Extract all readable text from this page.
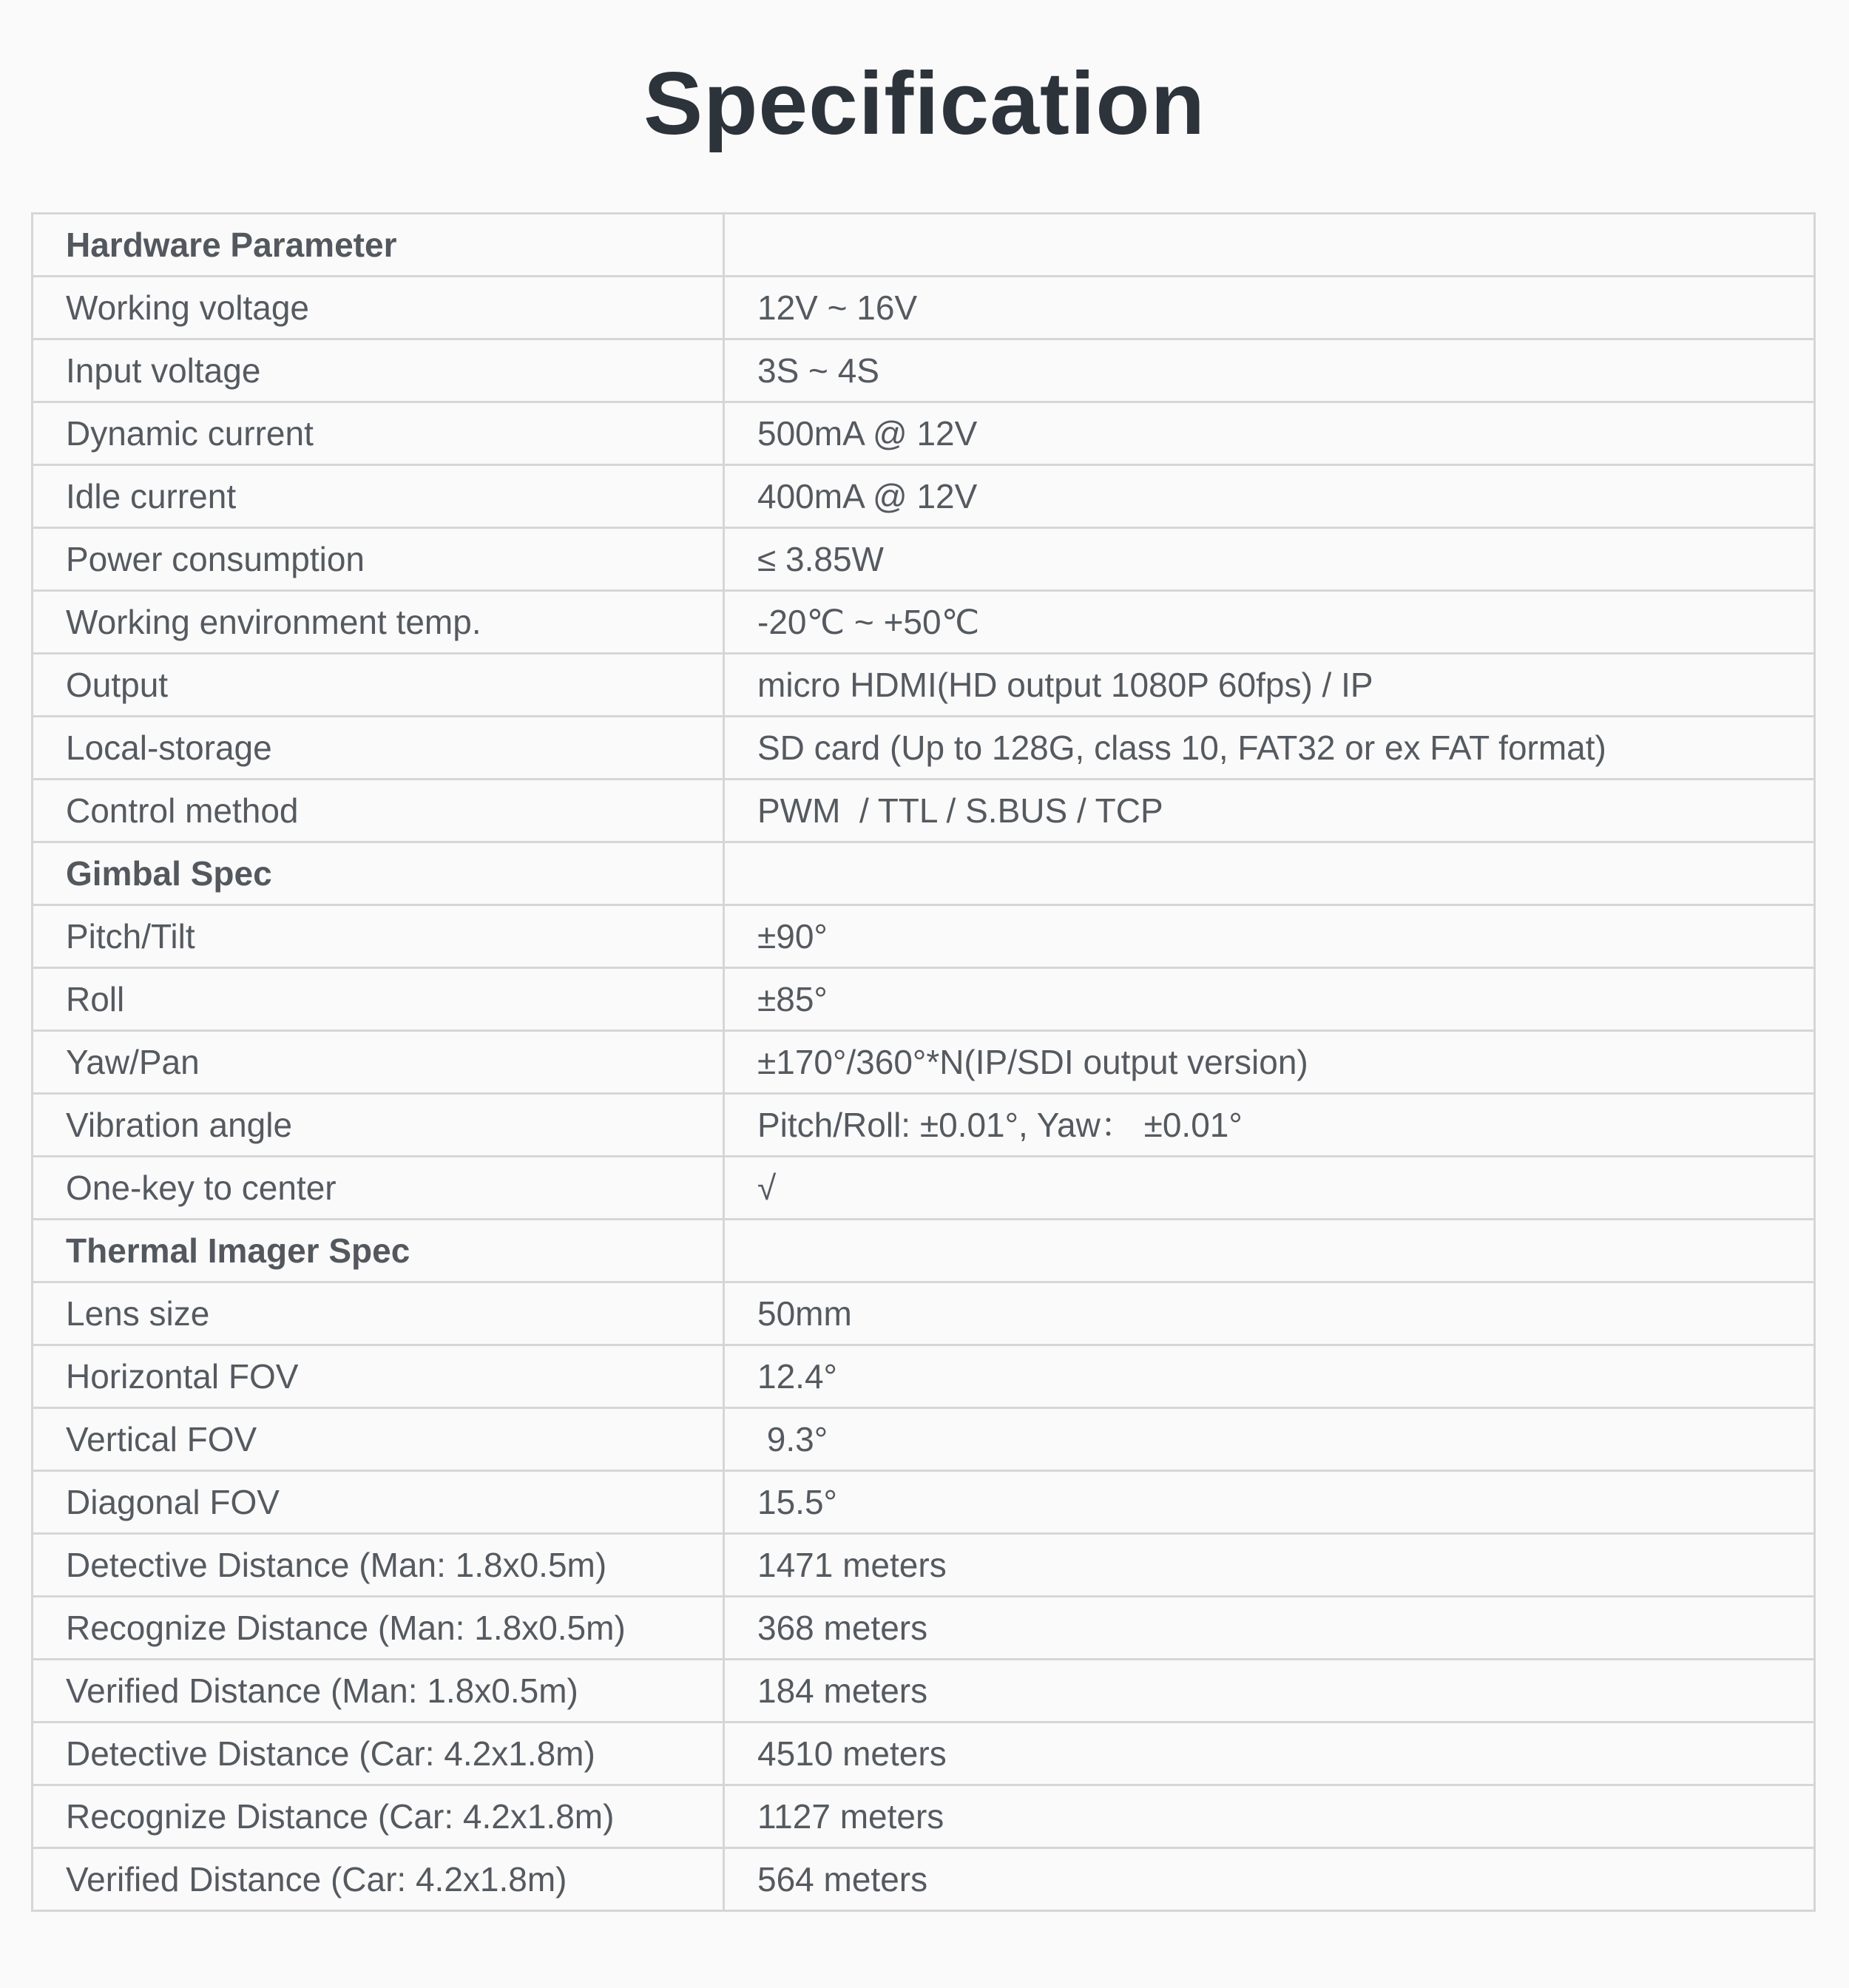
Specification
Hardware Parameter	
Working voltage	12V ~ 16V
Input voltage	3S ~ 4S
Dynamic current	500mA @ 12V
Idle current	400mA @ 12V
Power consumption	≤ 3.85W
Working environment temp.	-20℃ ~ +50℃
Output	micro HDMI(HD output 1080P 60fps) / IP
Local-storage	SD card (Up to 128G, class 10, FAT32 or ex FAT format)
Control method	PWM  / TTL / S.BUS / TCP
Gimbal Spec	
Pitch/Tilt	±90°
Roll	±85°
Yaw/Pan	±170°/360°*N(IP/SDI output version)
Vibration angle	Pitch/Roll: ±0.01°, Yaw： ±0.01°
One-key to center	√
Thermal Imager Spec	
Lens size	50mm
Horizontal FOV	12.4°
Vertical FOV	9.3°
Diagonal FOV	15.5°
Detective Distance (Man: 1.8x0.5m)	1471 meters
Recognize Distance (Man: 1.8x0.5m)	368 meters
Verified Distance (Man: 1.8x0.5m)	184 meters
Detective Distance (Car: 4.2x1.8m)	4510 meters
Recognize Distance (Car: 4.2x1.8m)	1127 meters
Verified Distance (Car: 4.2x1.8m)	564 meters
